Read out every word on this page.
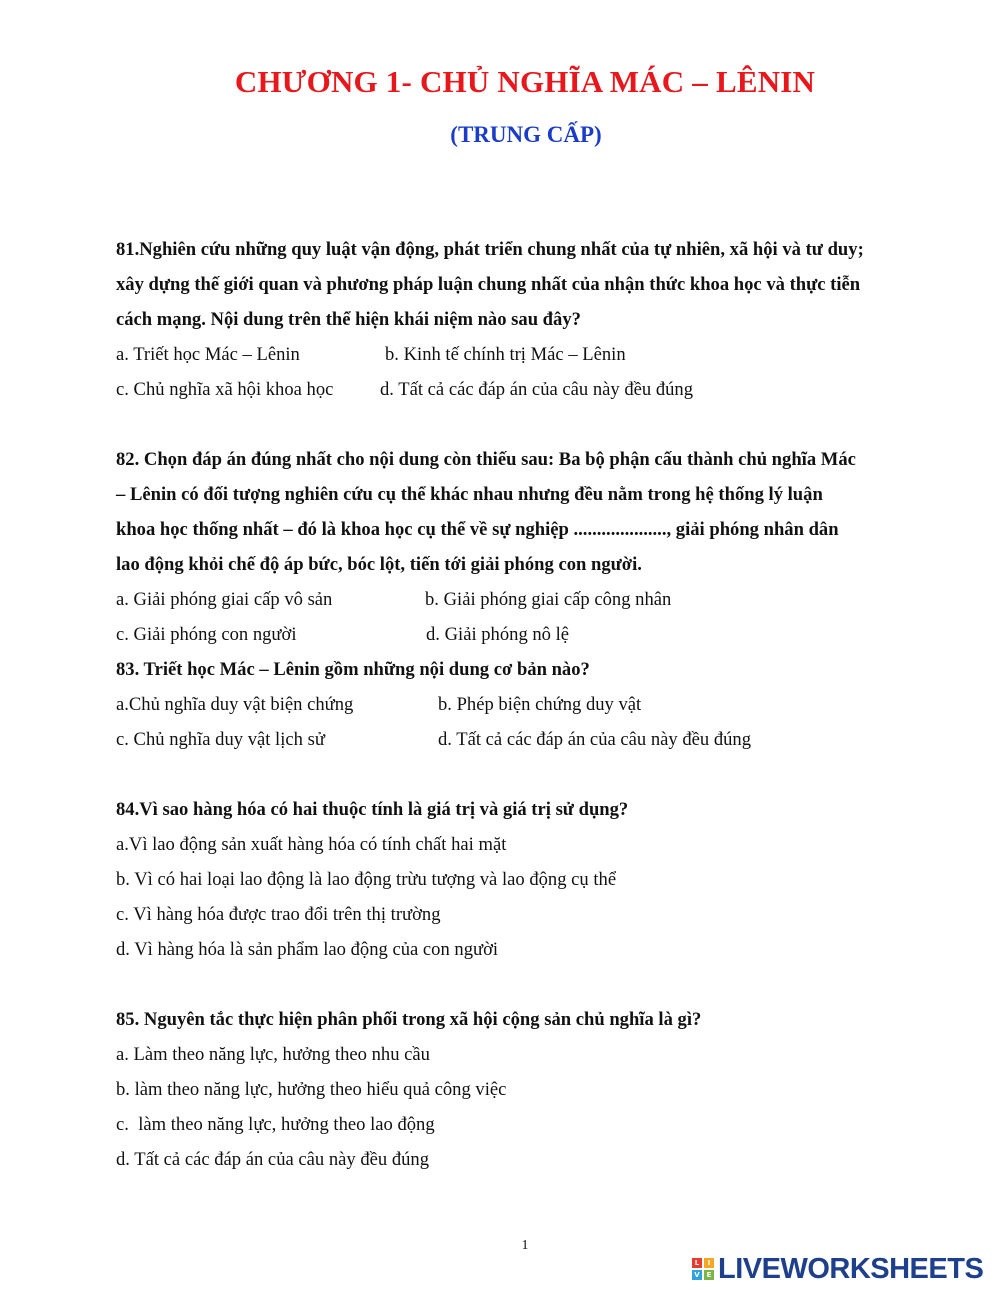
CHƯƠNG 1- CHỦ NGHĨA MÁC – LÊNIN
(TRUNG CẤP)
81.Nghiên cứu những quy luật vận động, phát triển chung nhất của tự nhiên, xã hội và tư duy;
xây dựng thế giới quan và phương pháp luận chung nhất của nhận thức khoa học và thực tiễn
cách mạng. Nội dung trên thể hiện khái niệm nào sau đây?
a. Triết học Mác – Lênin	b. Kinh tế chính trị Mác – Lênin
c. Chủ nghĩa xã hội khoa học	d. Tất cả các đáp án của câu này đều đúng
82. Chọn đáp án đúng nhất cho nội dung còn thiếu sau: Ba bộ phận cấu thành chủ nghĩa Mác
– Lênin có đối tượng nghiên cứu cụ thể khác nhau nhưng đều nằm trong hệ thống lý luận
khoa học thống nhất – đó là khoa học cụ thể về sự nghiệp ...................., giải phóng nhân dân
lao động khỏi chế độ áp bức, bóc lột, tiến tới giải phóng con người.
a. Giải phóng giai cấp vô sản	b. Giải phóng giai cấp công nhân
c. Giải phóng con người	d. Giải phóng nô lệ
83. Triết học Mác – Lênin gồm những nội dung cơ bản nào?
a.Chủ nghĩa duy vật biện chứng	b. Phép biện chứng duy vật
c. Chủ nghĩa duy vật lịch sử	d. Tất cả các đáp án của câu này đều đúng
84.Vì sao hàng hóa có hai thuộc tính là giá trị và giá trị sử dụng?
a.Vì lao động sản xuất hàng hóa có tính chất hai mặt
b. Vì có hai loại lao động là lao động trừu tượng và lao động cụ thể
c. Vì hàng hóa được trao đổi trên thị trường
d. Vì hàng hóa là sản phẩm lao động của con người
85. Nguyên tắc thực hiện phân phối trong xã hội cộng sản chủ nghĩa là gì?
a. Làm theo năng lực, hưởng theo nhu cầu
b. làm theo năng lực, hưởng theo hiểu quả công việc
c.  làm theo năng lực, hưởng theo lao động
d. Tất cả các đáp án của câu này đều đúng
1
L	I
V E LIVEWORKSHEETS
